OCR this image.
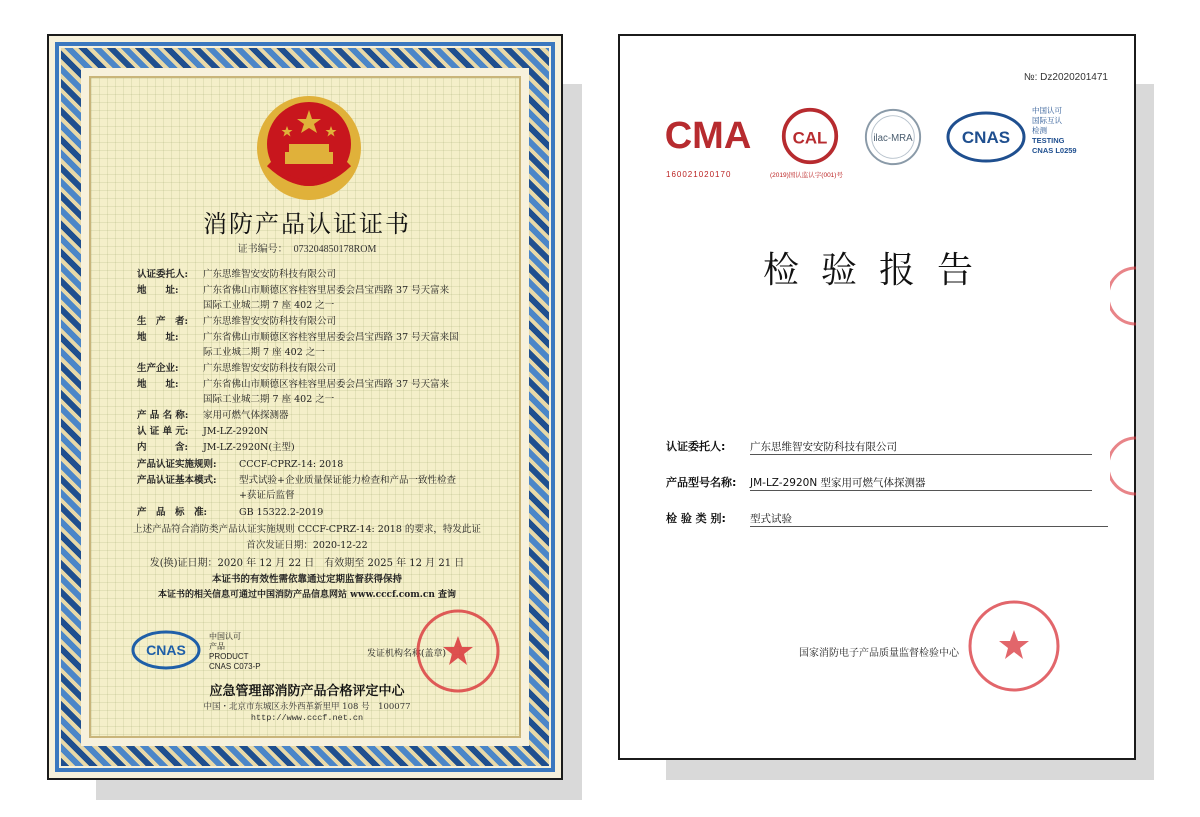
消防产品认证证书
证书编号： 073204850178ROM
认证委托人: 广东思维智安安防科技有限公司
地　　址:	广东省佛山市顺德区容桂容里居委会昌宝西路 37 号天富来
国际工业城二期 7 座 402 之一
生　产　者: 广东思维智安安防科技有限公司
地　　址:	广东省佛山市顺德区容桂容里居委会昌宝西路 37 号天富来国
际工业城二期 7 座 402 之一
生产企业:	广东思维智安安防科技有限公司
地　　址:	广东省佛山市顺德区容桂容里居委会昌宝西路 37 号天富来
国际工业城二期 7 座 402 之一
产 品 名 称: 家用可燃气体探测器
认 证 单 元: JM-LZ-2920N
内　　　含: JM-LZ-2920N(主型)
产品认证实施规则: CCCF-CPRZ-14: 2018
产品认证基本模式: 型式试验+企业质量保证能力检查和产品一致性检查
+获证后监督
产　品　标　准:	GB 15322.2-2019
上述产品符合消防类产品认证实施规则 CCCF-CPRZ-14: 2018 的要求，特发此证
首次发证日期：2020-12-22
发(换)证日期：2020 年 12 月 22 日　有效期至 2025 年 12 月 21 日
本证书的有效性需依靠通过定期监督获得保持
本证书的相关信息可通过中国消防产品信息网站 www.cccf.com.cn 查询
CNAS
中国认可
产品
PRODUCT
CNAS C073-P
发证机构名称(盖章)
应急管理部消防产品合格评定中心
中国・北京市东城区永外西革新里甲 108 号　100077
http://www.cccf.net.cn
№: Dz2020201471
CMA
160021020170
CAL
(2019)国认监认字(001)号
ilac-MRA	CNAS
中国认可
国际互认
检测
TESTING
CNAS L0259
检验报告
认证委托人: 广东思维智安安防科技有限公司
产品型号名称: JM-LZ-2920N 型家用可燃气体探测器
检 验 类 别: 型式试验
国家消防电子产品质量监督检验中心
